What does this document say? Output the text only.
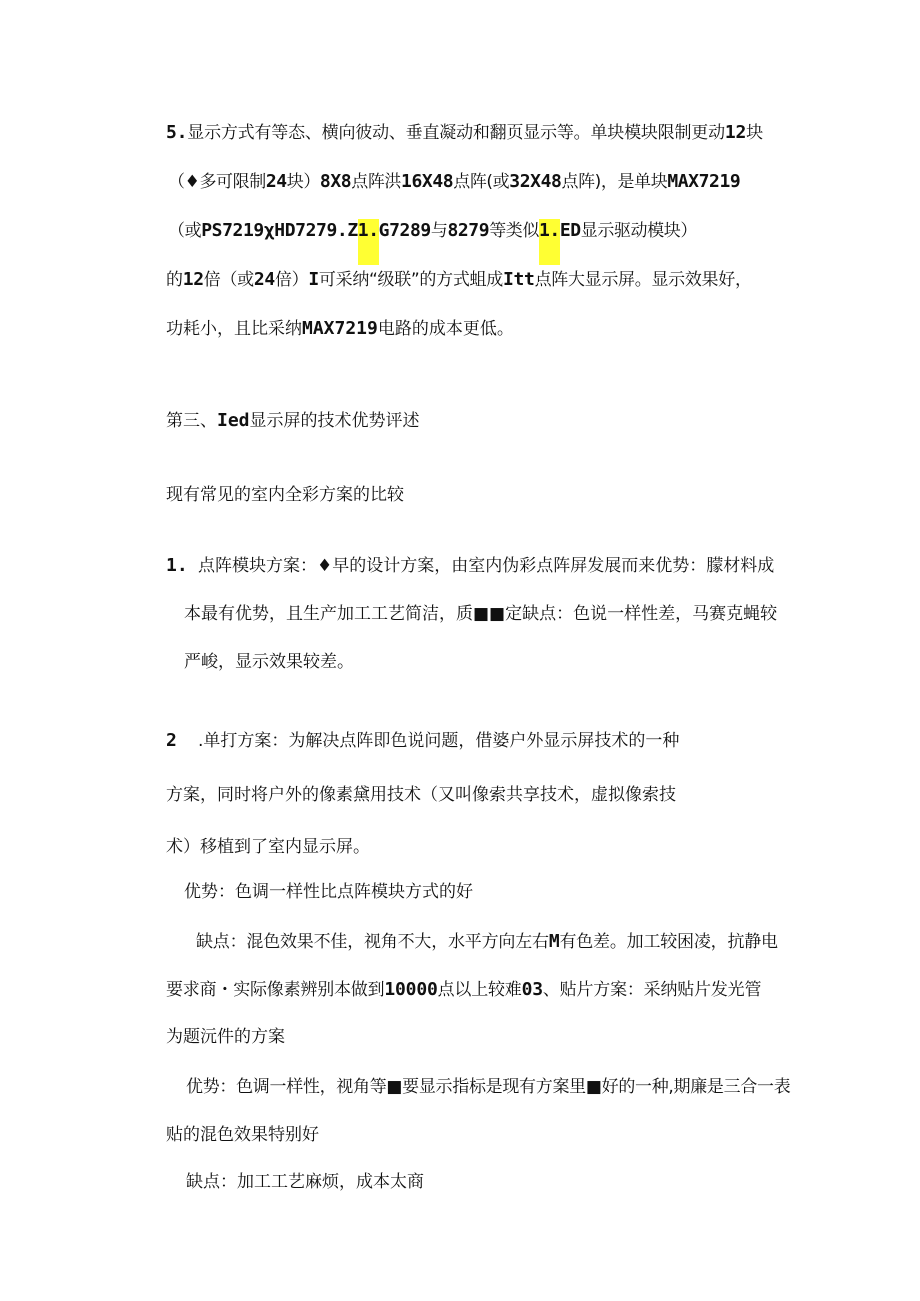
5.显示方式有等态、横向彼动、垂直凝动和翻页显示等。单块模块限制更动12块
（♦多可限制24块）8X8点阵洪16X48点阵(或32X48点阵)，是单块MAX7219
（或PS7219χHD7279.Z1.G7289与8279等类似1.ED显示驱动模块）
的12倍（或24倍）I可采纳“级联”的方式蛆成Itt点阵大显示屏。显示效果好，
功耗小，且比采纳MAX7219电路的成本更低。
第三、Ied显示屏的技术优势评述
现有常见的室内全彩方案的比较
1. 点阵模块方案：♦早的设计方案，由室内伪彩点阵屏发展而来优势：朦材料成
本最有优势，且生产加工工艺简洁，质■■定缺点：色说一样性差，马赛克蝇较
严峻，显示效果较差。
2 .单打方案：为解决点阵即色说问题，借婆户外显示屏技术的一种
方案，同时将户外的像素黛用技术（又叫像索共享技术，虚拟像索技
术）移植到了室内显示屏。
优势：色调一样性比点阵模块方式的好
缺点：混色效果不佳，视角不大，水平方向左右M有色差。加工较困凌，抗静电
要求商・实际像素辨别本做到10000点以上较难03、贴片方案：采纳贴片发光管
为题沅件的方案
优势：色调一样性，视角等■要显示指标是现有方案里■好的一种,期廉是三合一表
贴的混色效果特别好
缺点：加工工艺麻烦，成本太商
